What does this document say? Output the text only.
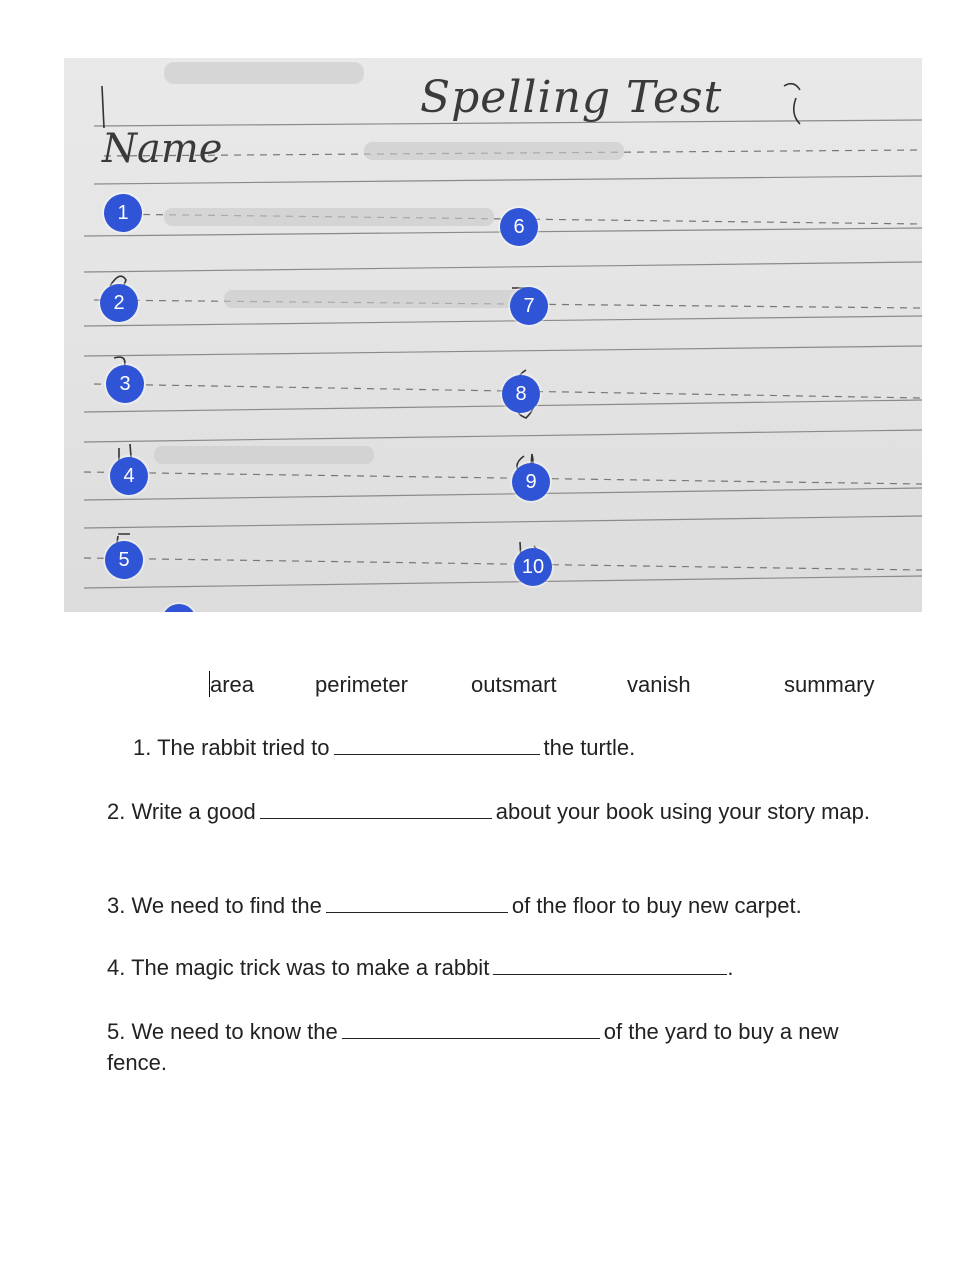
Spelling Test
Name
1
2
3
4
5
6
7
8
9
10
area	perimeter	outsmart	vanish	summary
1. The rabbit tried to	the turtle.
2. Write a good	about your book using your story map.
3. We need to find the	of the floor to buy new carpet.
4. The magic trick was to make a rabbit	.
5. We need to know the	of the yard to buy a new fence.
